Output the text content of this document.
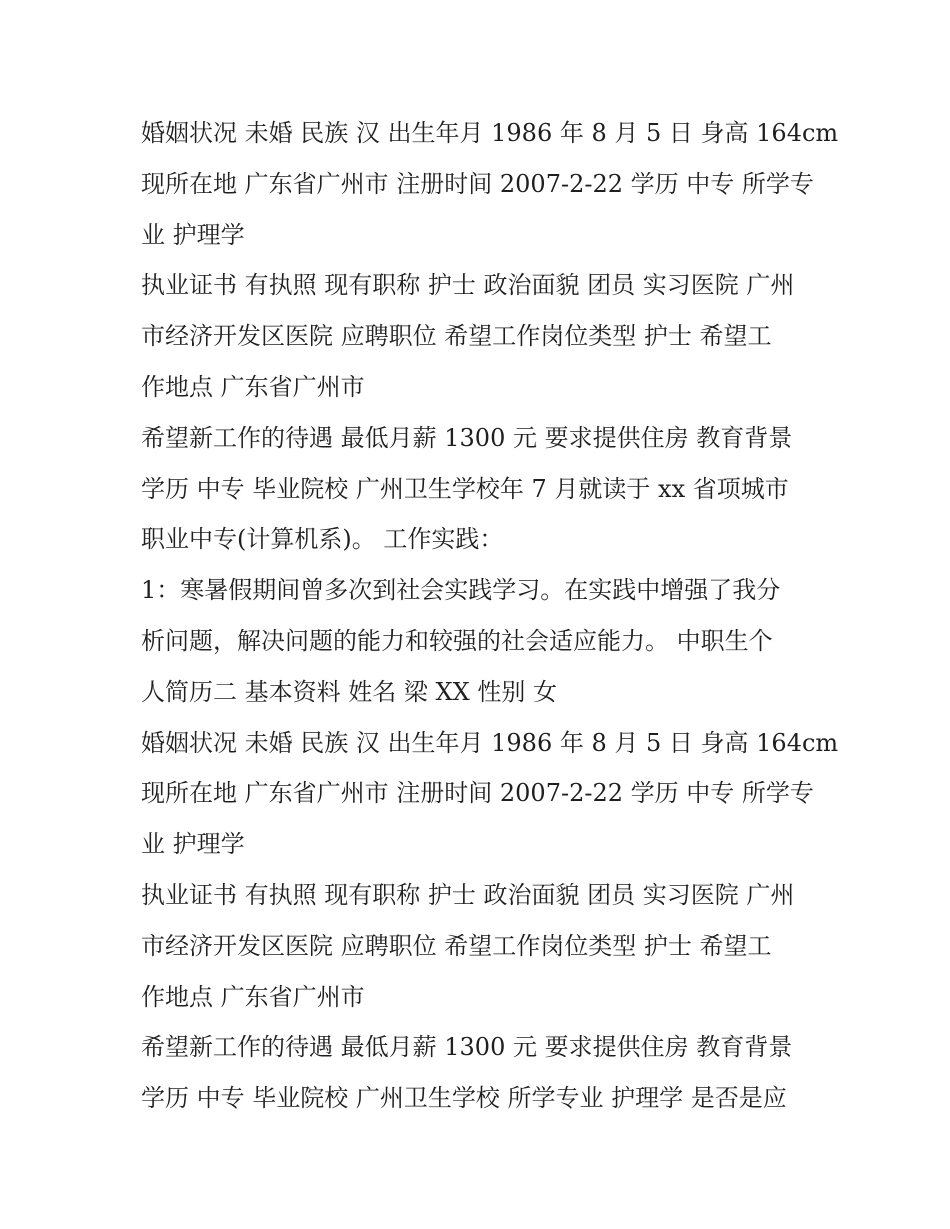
婚姻状况 未婚 民族 汉 出生年月 1986 年 8 月 5 日 身高 164cm
现所在地 广东省广州市 注册时间 2007-2-22 学历 中专 所学专
业 护理学
执业证书 有执照 现有职称 护士 政治面貌 团员 实习医院 广州
市经济开发区医院 应聘职位 希望工作岗位类型 护士 希望工
作地点 广东省广州市
希望新工作的待遇 最低月薪 1300 元 要求提供住房 教育背景
学历 中专 毕业院校 广州卫生学校年 7 月就读于 xx 省项城市
职业中专(计算机系)。 工作实践：
1：寒暑假期间曾多次到社会实践学习。在实践中增强了我分
析问题，解决问题的能力和较强的社会适应能力。 中职生个
人简历二 基本资料 姓名 梁 XX 性别 女
婚姻状况 未婚 民族 汉 出生年月 1986 年 8 月 5 日 身高 164cm
现所在地 广东省广州市 注册时间 2007-2-22 学历 中专 所学专
业 护理学
执业证书 有执照 现有职称 护士 政治面貌 团员 实习医院 广州
市经济开发区医院 应聘职位 希望工作岗位类型 护士 希望工
作地点 广东省广州市
希望新工作的待遇 最低月薪 1300 元 要求提供住房 教育背景
学历 中专 毕业院校 广州卫生学校 所学专业 护理学 是否是应
